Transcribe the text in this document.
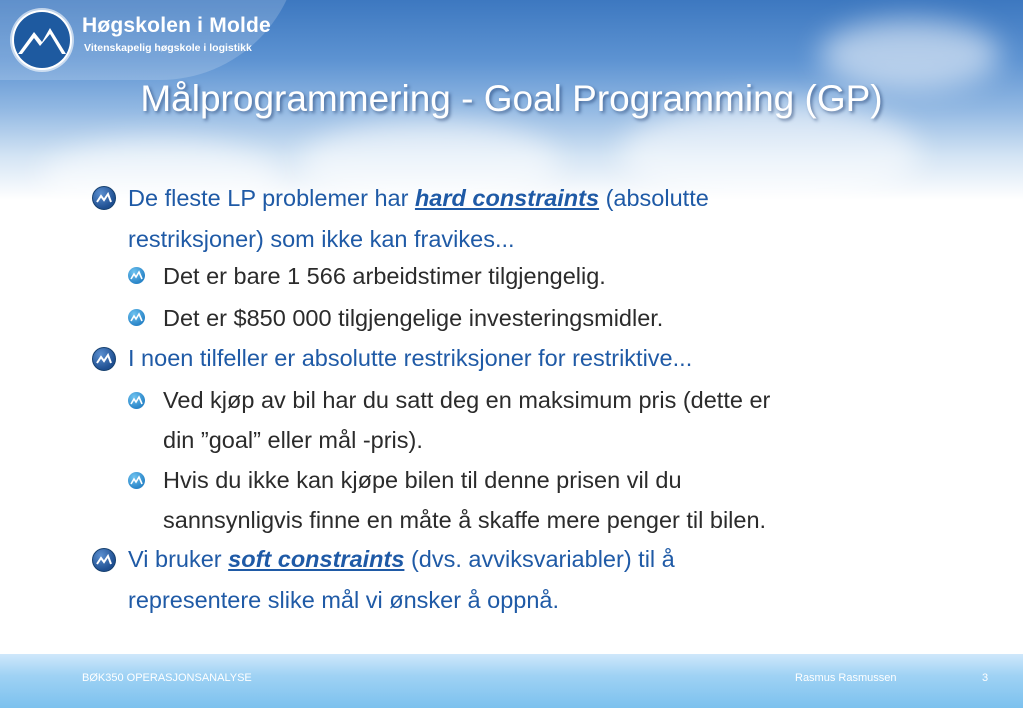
Høgskolen i Molde
Vitenskapelig høgskole i logistikk
Målprogrammering - Goal Programming (GP)
De fleste LP problemer har hard constraints (absolutte
restriksjoner) som ikke kan fravikes...
Det er bare 1 566 arbeidstimer tilgjengelig.
Det er $850 000 tilgjengelige investeringsmidler.
I noen tilfeller er absolutte restriksjoner for restriktive...
Ved kjøp av bil har du satt deg en maksimum pris (dette er
din ”goal” eller mål -pris).
Hvis du ikke kan kjøpe bilen til denne prisen vil du
sannsynligvis finne en måte å skaffe mere penger til bilen.
Vi bruker soft constraints (dvs. avviksvariabler) til å
representere slike mål vi ønsker å oppnå.
BØK350 OPERASJONSANALYSE	Rasmus Rasmussen	3
